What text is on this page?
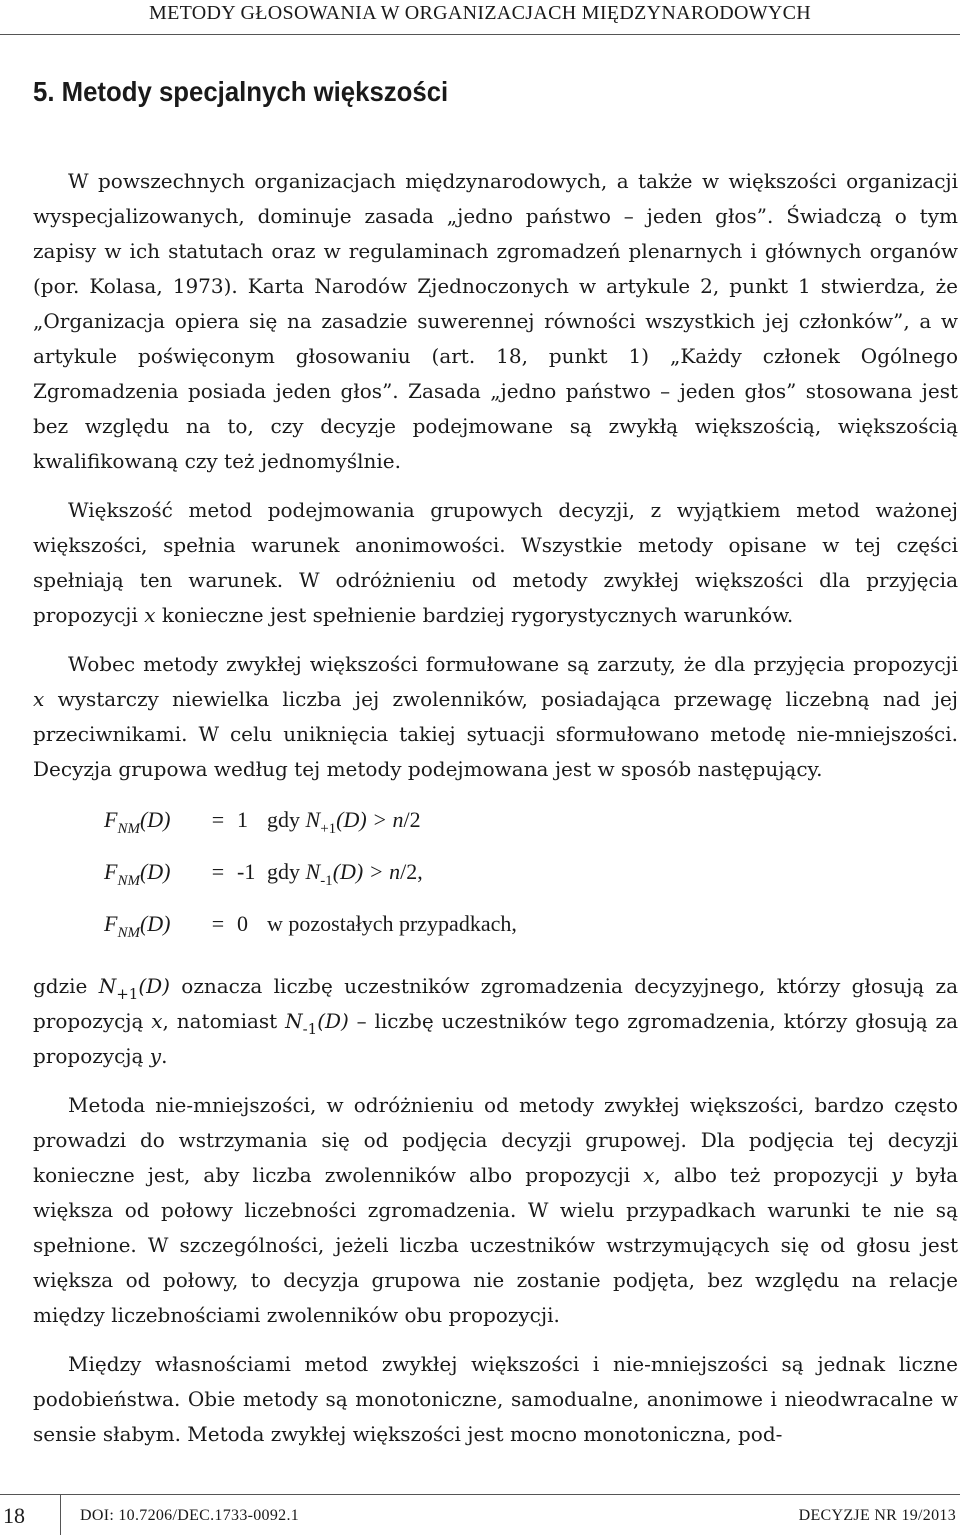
METODY GŁOSOWANIA W ORGANIZACJACH MIĘDZYNARODOWYCH
5. Metody specjalnych większości

W powszechnych organizacjach międzynarodowych, a także w większości organizacji wyspecjalizowanych, dominuje zasada „jedno państwo – jeden głos”. Świadczą o tym zapisy w ich statutach oraz w regulaminach zgromadzeń plenarnych i głównych organów (por. Kolasa, 1973). Karta Narodów Zjednoczonych w artykule 2, punkt 1 stwierdza, że „Organizacja opiera się na zasadzie suwerennej równości wszystkich jej członków”, a w artykule poświęconym głosowaniu (art. 18, punkt 1) „Każdy członek Ogólnego Zgromadzenia posiada jeden głos”. Zasada „jedno państwo – jeden głos” stosowana jest bez względu na to, czy decyzje podejmowane są zwykłą większością, większością kwalifikowaną czy też jednomyślnie.

Większość metod podejmowania grupowych decyzji, z wyjątkiem metod ważonej większości, spełnia warunek anonimowości. Wszystkie metody opisane w tej części spełniają ten warunek. W odróżnieniu od metody zwykłej większości dla przyjęcia propozycji x konieczne jest spełnienie bardziej rygorystycznych warunków.

Wobec metody zwykłej większości formułowane są zarzuty, że dla przyjęcia propozycji x wystarczy niewielka liczba jej zwolenników, posiadająca przewagę liczebną nad jej przeciwnikami. W celu uniknięcia takiej sytuacji sformułowano metodę nie-mniejszości. Decyzja grupowa według tej metody podejmowana jest w sposób następujący.

$F_{NM}(D)$	= 1 gdy $N_{+1}(D) > n/2$
$F_{NM}(D)$	= -1 gdy $N_{-1}(D) > n/2$,
$F_{NM}(D)$	= 0 w pozostałych przypadkach,

gdzie $N_{+1}(D)$ oznacza liczbę uczestników zgromadzenia decyzyjnego, którzy głosują za propozycją x, natomiast $N_{-1}(D)$ – liczbę uczestników tego zgromadzenia, którzy głosują za propozycją y.

Metoda nie-mniejszości, w odróżnieniu od metody zwykłej większości, bardzo często prowadzi do wstrzymania się od podjęcia decyzji grupowej. Dla podjęcia tej decyzji konieczne jest, aby liczba zwolenników albo propozycji x, albo też propozycji y była większa od połowy liczebności zgromadzenia. W wielu przypadkach warunki te nie są spełnione. W szczególności, jeżeli liczba uczestników wstrzymujących się od głosu jest większa od połowy, to decyzja grupowa nie zostanie podjęta, bez względu na relacje między liczebnościami zwolenników obu propozycji.

Między własnościami metod zwykłej większości i nie-mniejszości są jednak liczne podobieństwa. Obie metody są monotoniczne, samodualne, anonimowe i nieodwracalne w sensie słabym. Metoda zwykłej większości jest mocno monotoniczna, pod-

18	DOI: 10.7206/DEC.1733-0092.1	DECYZJE NR 19/2013
